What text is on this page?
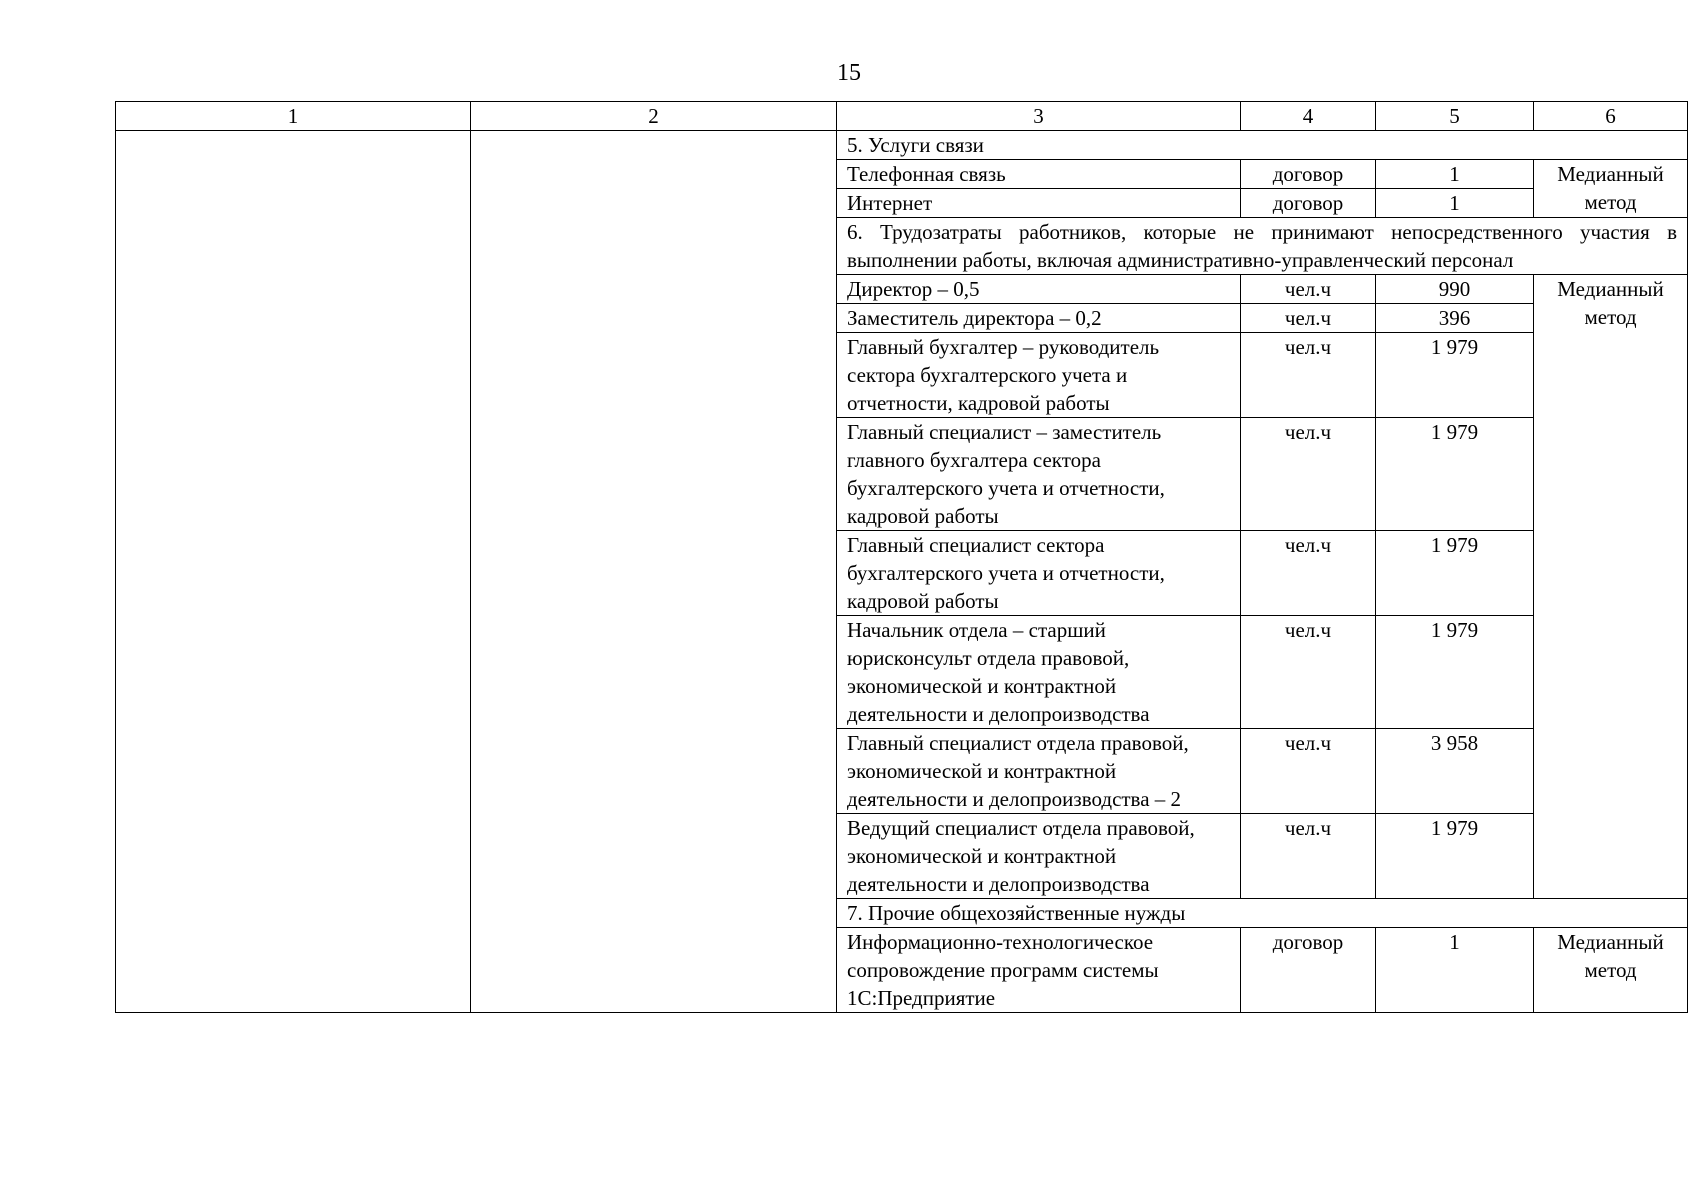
15
1	2	3	4	5	6
		5. Услуги связи			
		Телефонная связь	договор	1	Медианный метод
		Интернет	договор	1	
		6. Трудозатраты работников, которые не принимают непосредственного участия в выполнении работы, включая административно-управленческий персонал			
		Директор – 0,5	чел.ч	990	Медианный метод
		Заместитель директора – 0,2	чел.ч	396	
		Главный бухгалтер – руководитель сектора бухгалтерского учета и отчетности, кадровой работы	чел.ч	1 979	
		Главный специалист – заместитель главного бухгалтера сектора бухгалтерского учета и отчетности, кадровой работы	чел.ч	1 979	
		Главный специалист сектора бухгалтерского учета и отчетности, кадровой работы	чел.ч	1 979	
		Начальник отдела – старший юрисконсульт отдела правовой, экономической и контрактной деятельности и делопроизводства	чел.ч	1 979	
		Главный специалист отдела правовой, экономической и контрактной деятельности и делопроизводства – 2	чел.ч	3 958	
		Ведущий специалист отдела правовой, экономической и контрактной деятельности и делопроизводства	чел.ч	1 979	
		7. Прочие общехозяйственные нужды			
		Информационно-технологическое сопровождение программ системы 1С:Предприятие	договор	1	Медианный метод
